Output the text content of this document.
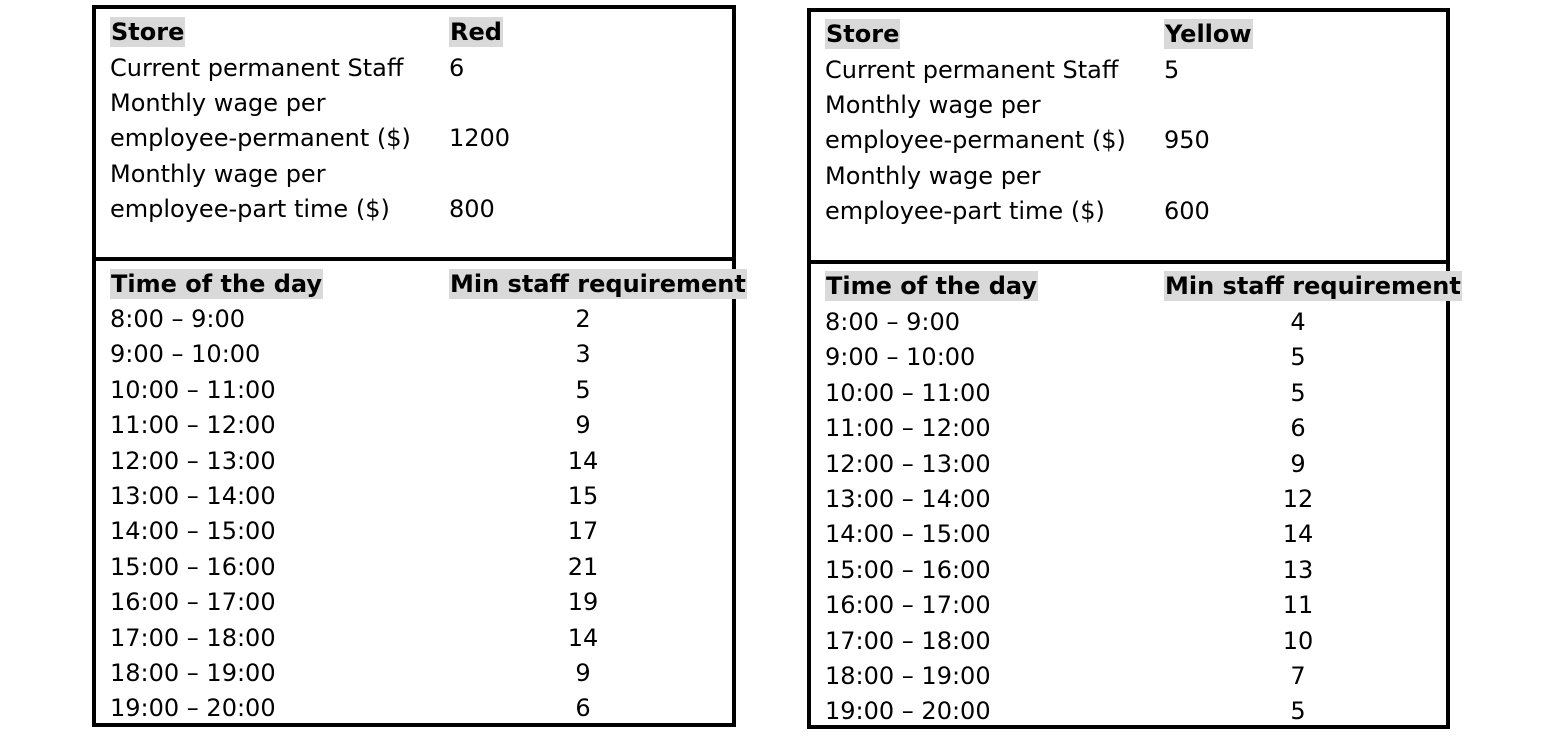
Store	Red
Current permanent Staff 6
Monthly wage per
employee-permanent ($) 1200
Monthly wage per
employee-part time ($) 800
Time of the day	Min staff requirement
8:00 – 9:00	2
9:00 – 10:00	3
10:00 – 11:00	5
11:00 – 12:00	9
12:00 – 13:00	14
13:00 – 14:00	15
14:00 – 15:00	17
15:00 – 16:00	21
16:00 – 17:00	19
17:00 – 18:00	14
18:00 – 19:00	9
19:00 – 20:00	6
Store	Yellow
Current permanent Staff 5
Monthly wage per
employee-permanent ($) 950
Monthly wage per
employee-part time ($) 600
Time of the day	Min staff requirement
8:00 – 9:00	4
9:00 – 10:00	5
10:00 – 11:00	5
11:00 – 12:00	6
12:00 – 13:00	9
13:00 – 14:00	12
14:00 – 15:00	14
15:00 – 16:00	13
16:00 – 17:00	11
17:00 – 18:00	10
18:00 – 19:00	7
19:00 – 20:00	5
